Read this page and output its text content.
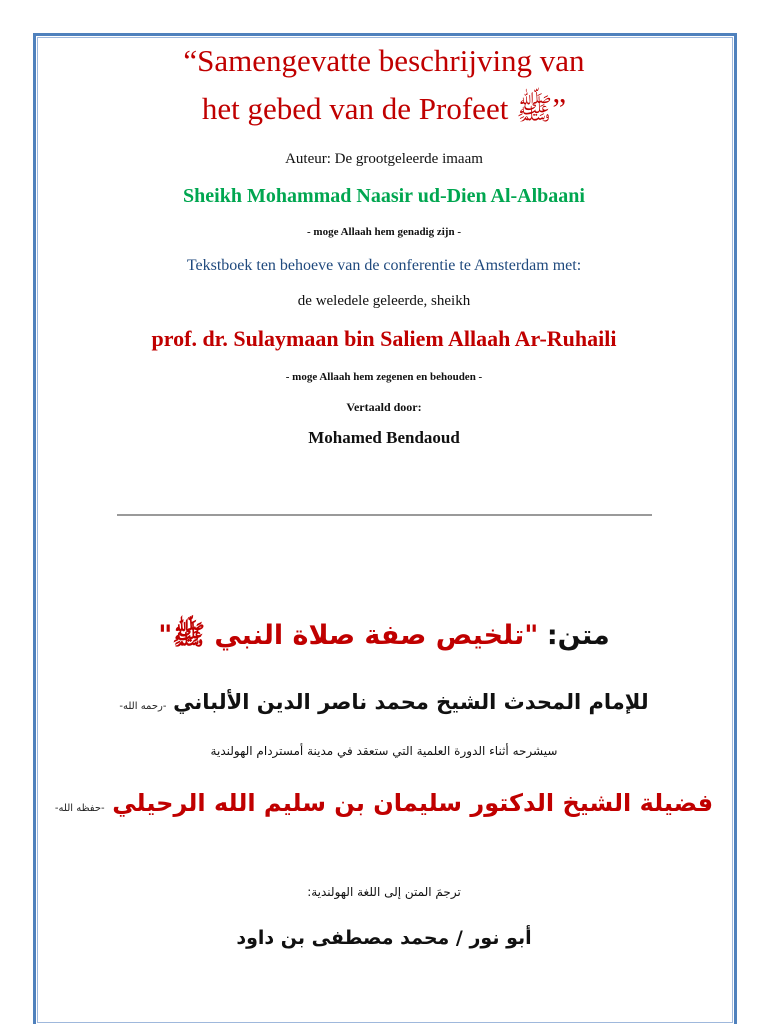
“Samengevatte beschrijving van
het gebed van de Profeet ﷺ”
Auteur: De grootgeleerde imaam
Sheikh Mohammad Naasir ud-Dien Al-Albaani
- moge Allaah hem genadig zijn -
Tekstboek ten behoeve van de conferentie te Amsterdam met:
de weledele geleerde, sheikh
prof. dr. Sulaymaan bin Saliem Allaah Ar-Ruhaili
- moge Allaah hem zegenen en behouden -
Vertaald door:
Mohamed Bendaoud
متن: "تلخيص صفة صلاة النبي ﷺ"
للإمام المحدث الشيخ محمد ناصر الدين الألباني -رحمه الله-
سيشرحه أثناء الدورة العلمية التي ستعقد في مدينة أمستردام الهولندية
فضيلة الشيخ الدكتور سليمان بن سليم الله الرحيلي -حفظه الله-
ترجمَ المتن إلى اللغة الهولندية:
أبو نور / محمد مصطفى بن داود
